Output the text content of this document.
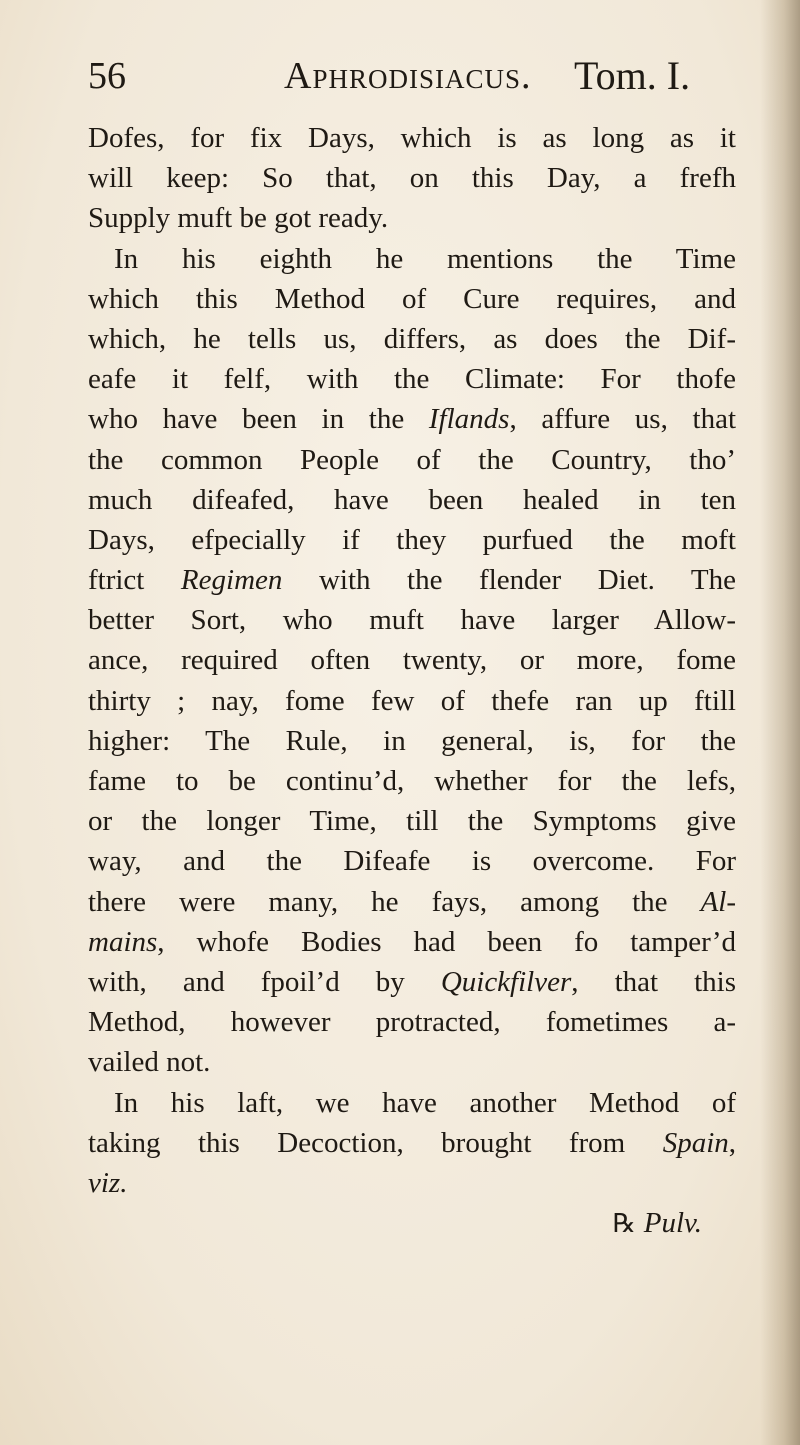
56	Aphrodisiacus. Tom. I.
Dofes, for fix Days, which is as long as it
will keep: So that, on this Day, a frefh
Supply muft be got ready.
In his eighth he mentions the Time
which this Method of Cure requires, and
which, he tells us, differs, as does the Dif-
eafe it felf, with the Climate: For thofe
who have been in the Iflands, affure us, that
the common People of the Country, tho’
much difeafed, have been healed in ten
Days, efpecially if they purfued the moft
ftrict Regimen with the flender Diet. The
better Sort, who muft have larger Allow-
ance, required often twenty, or more, fome
thirty ; nay, fome few of thefe ran up ftill
higher: The Rule, in general, is, for the
fame to be continu’d, whether for the lefs,
or the longer Time, till the Symptoms give
way, and the Difeafe is overcome. For
there were many, he fays, among the Al-
mains, whofe Bodies had been fo tamper’d
with, and fpoil’d by Quickfilver, that this
Method, however protracted, fometimes a-
vailed not.
In his laft, we have another Method of
taking this Decoction, brought from Spain,
viz.
℞ Pulv.
